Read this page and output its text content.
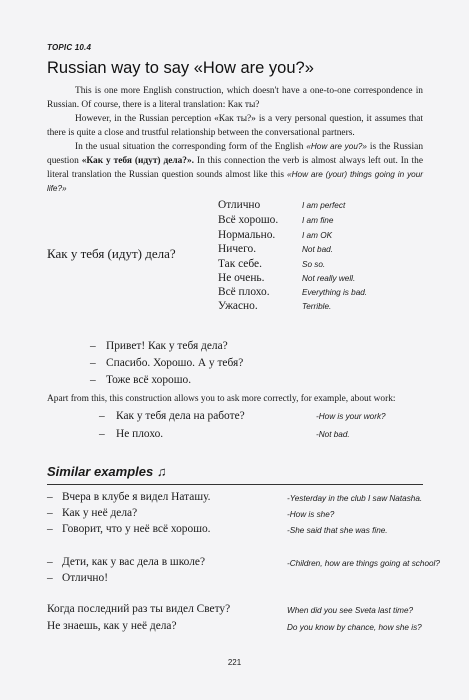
TOPIC 10.4
Russian way to say «How are you?»
This is one more English construction, which doesn't have a one-to-one correspondence in Russian. Of course, there is a literal translation: Как ты?
However, in the Russian perception «Как ты?» is a very personal question, it assumes that there is quite a close and trustful relationship between the conversational partners.
In the usual situation the corresponding form of the English «How are you?» is the Russian question «Как у тебя (идут) дела?». In this connection the verb is almost always left out. In the literal translation the Russian question sounds almost like this «How are (your) things going in your life?»
Как у тебя (идут) дела?
Отлично	I am perfect
Всё хорошо.	I am fine
Нормально.	I am OK
Ничего.	Not bad.
Так себе.	So so.
Не очень.	Not really well.
Всё плохо.	Everything is bad.
Ужасно.	Terrible.
– Привет! Как у тебя дела?
– Спасибо. Хорошо. А у тебя?
– Тоже всё хорошо.
Apart from this, this construction allows you to ask more correctly, for example, about work:
– Как у тебя дела на работе?	-How is your work?
– Не плохо.	-Not bad.
Similar examples ♫
– Вчера в клубе я видел Наташу.	-Yesterday in the club I saw Natasha.
– Как у неё дела?	-How is she?
– Говорит, что у неё всё хорошо.	-She said that she was fine.
– Дети, как у вас дела в школе?	-Children, how are things going at school?
– Отлично!
Когда последний раз ты видел Свету?	When did you see Sveta last time?
Не знаешь, как у неё дела?	Do you know by chance, how she is?
221
